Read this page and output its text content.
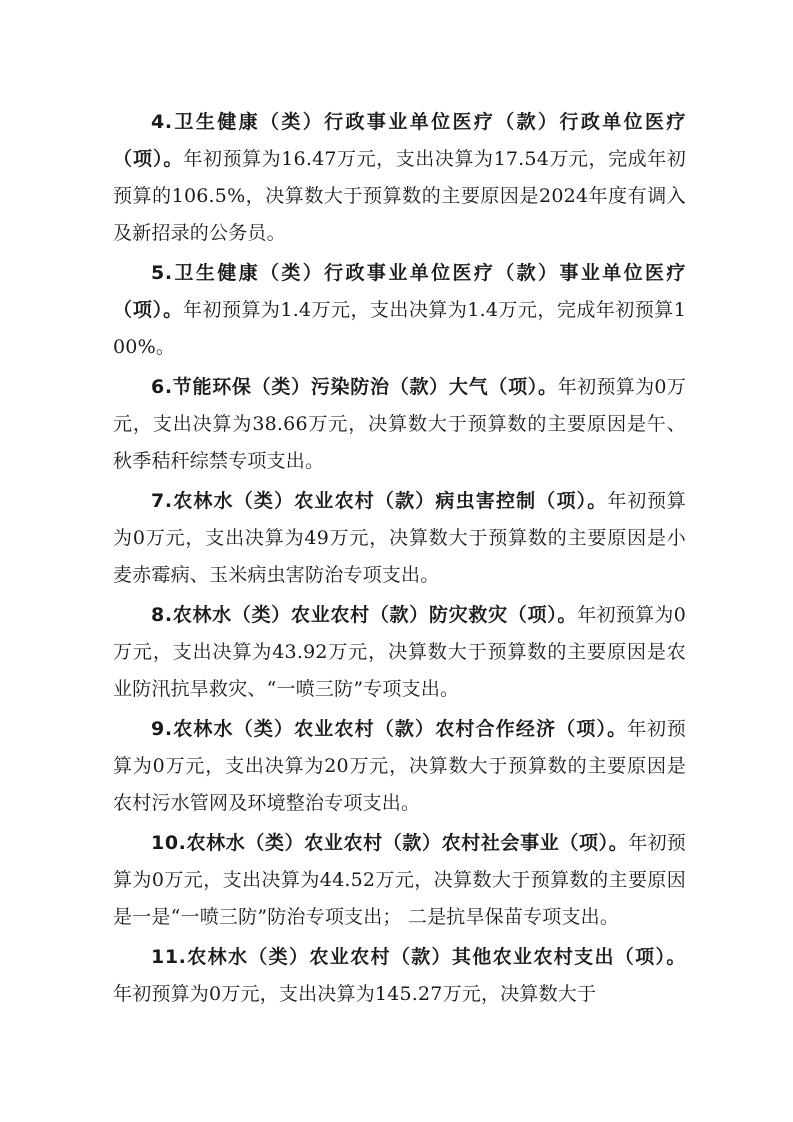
4.卫生健康（类）行政事业单位医疗（款）行政单位医疗（项）。年初预算为16.47万元，支出决算为17.54万元，完成年初预算的106.5%，决算数大于预算数的主要原因是2024年度有调入及新招录的公务员。

5.卫生健康（类）行政事业单位医疗（款）事业单位医疗（项）。年初预算为1.4万元，支出决算为1.4万元，完成年初预算100%。

6.节能环保（类）污染防治（款）大气（项）。年初预算为0万元，支出决算为38.66万元，决算数大于预算数的主要原因是午、秋季秸秆综禁专项支出。

7.农林水（类）农业农村（款）病虫害控制（项）。年初预算为0万元，支出决算为49万元，决算数大于预算数的主要原因是小麦赤霉病、玉米病虫害防治专项支出。

8.农林水（类）农业农村（款）防灾救灾（项）。年初预算为0万元，支出决算为43.92万元，决算数大于预算数的主要原因是农业防汛抗旱救灾、“一喷三防”专项支出。

9.农林水（类）农业农村（款）农村合作经济（项）。年初预算为0万元，支出决算为20万元，决算数大于预算数的主要原因是农村污水管网及环境整治专项支出。

10.农林水（类）农业农村（款）农村社会事业（项）。年初预算为0万元，支出决算为44.52万元，决算数大于预算数的主要原因是一是“一喷三防”防治专项支出； 二是抗旱保苗专项支出。

11.农林水（类）农业农村（款）其他农业农村支出（项）。年初预算为0万元，支出决算为145.27万元，决算数大于
